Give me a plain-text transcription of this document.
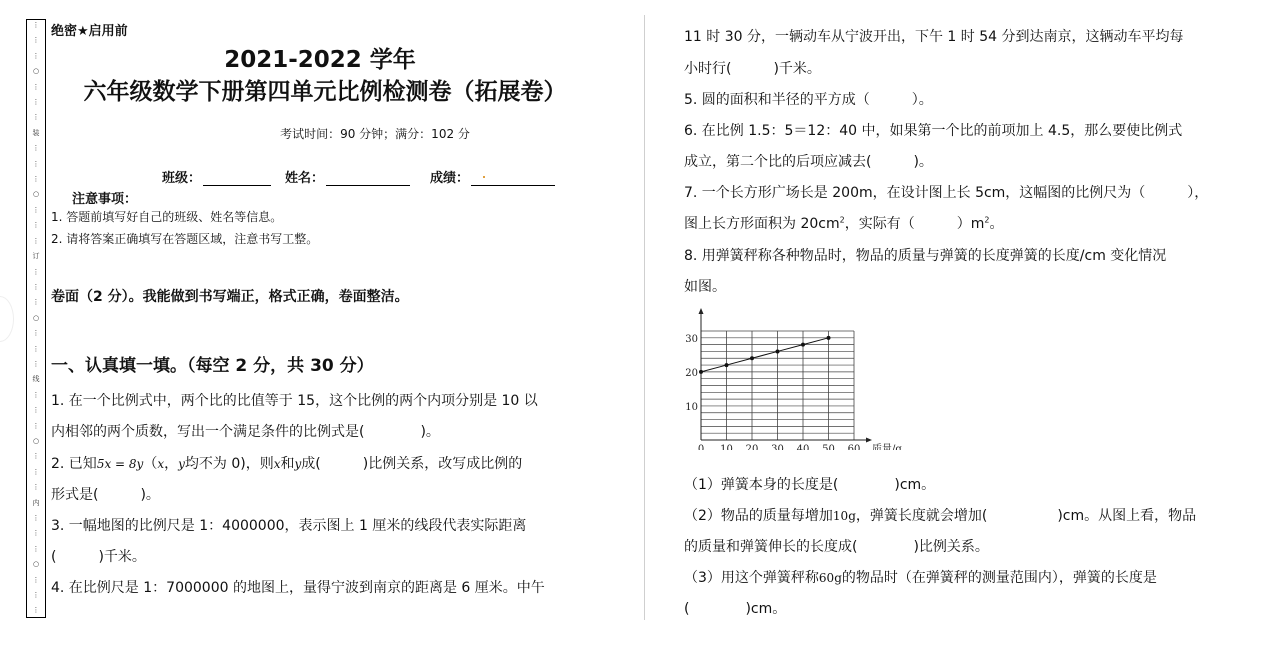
⋮
⋮
⋮
○
⋮
⋮
⋮
装
⋮
⋮
⋮
○
⋮
⋮
⋮
订
⋮
⋮
⋮
○
⋮
⋮
⋮
线
⋮
⋮
⋮
○
⋮
⋮
⋮
内
⋮
⋮
⋮
○
⋮
⋮
⋮
绝密★启用前
2021-2022 学年
六年级数学下册第四单元比例检测卷（拓展卷）
考试时间：90 分钟；满分：102 分
班级：	姓名：	成绩：
注意事项：
1. 答题前填写好自己的班级、姓名等信息。
2. 请将答案正确填写在答题区域，注意书写工整。
卷面（2 分）。我能做到书写端正，格式正确，卷面整洁。
一、认真填一填。（每空 2 分，共 30 分）
1. 在一个比例式中，两个比的比值等于 15，这个比例的两个内项分别是 10 以
内相邻的两个质数，写出一个满足条件的比例式是(　　　　)。
2. 已知5x = 8y（x，y均不为 0)，则x和y成(　　　)比例关系，改写成比例的
形式是(　　　)。
3. 一幅地图的比例尺是 1：4000000，表示图上 1 厘米的线段代表实际距离
(　　　)千米。
4. 在比例尺是 1：7000000 的地图上，量得宁波到南京的距离是 6 厘米。中午
11 时 30 分，一辆动车从宁波开出，下午 1 时 54 分到达南京，这辆动车平均每
小时行(　　　)千米。
5. 圆的面积和半径的平方成（　　　）。
6. 在比例 1.5：5＝12：40 中，如果第一个比的前项加上 4.5，那么要使比例式
成立，第二个比的后项应减去(　　　)。
7. 一个长方形广场长是 200m，在设计图上长 5cm，这幅图的比例尺为（　　　），
图上长方形面积为 $20cm^2$，实际有（　　　）$m^2$。
8. 用弹簧秤称各种物品时，物品的质量与弹簧的长度弹簧的长度/cm 变化情况
如图。
（1）弹簧本身的长度是(　　　　)cm。
（2）物品的质量每增加10g，弹簧长度就会增加(　　　　　)cm。从图上看，物品
的质量和弹簧伸长的长度成(　　　　)比例关系。
（3）用这个弹簧秤称60g的物品时（在弹簧秤的测量范围内），弹簧的长度是
(　　　　)cm。
0 10 20 30 40 50 60 质量/g
10
20
30
